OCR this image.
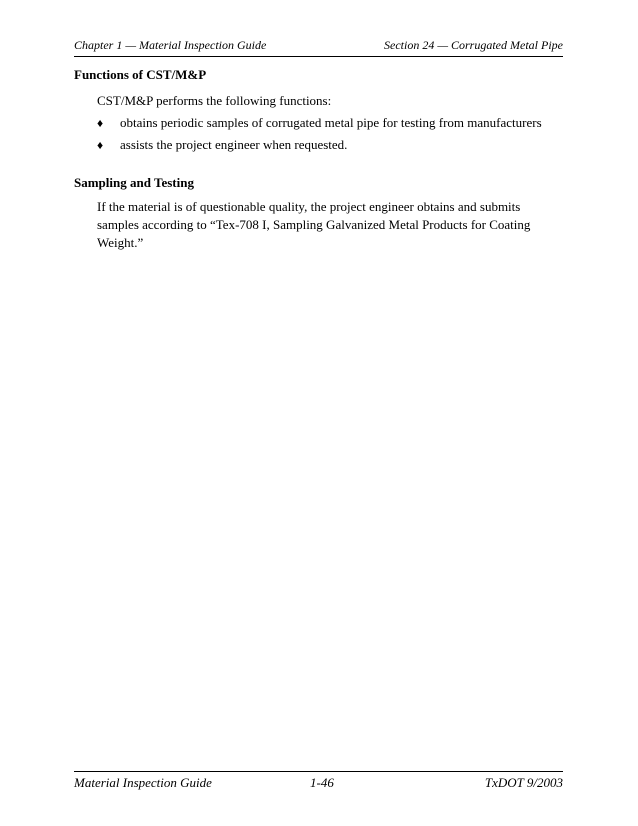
Chapter 1 — Material Inspection Guide	Section 24 — Corrugated Metal Pipe
Functions of CST/M&P
CST/M&P performs the following functions:
♦	obtains periodic samples of corrugated metal pipe for testing from manufacturers
♦	assists the project engineer when requested.
Sampling and Testing
If the material is of questionable quality, the project engineer obtains and submits samples according to “Tex-708 I, Sampling Galvanized Metal Products for Coating Weight.”
Material Inspection Guide	1-46	TxDOT 9/2003
